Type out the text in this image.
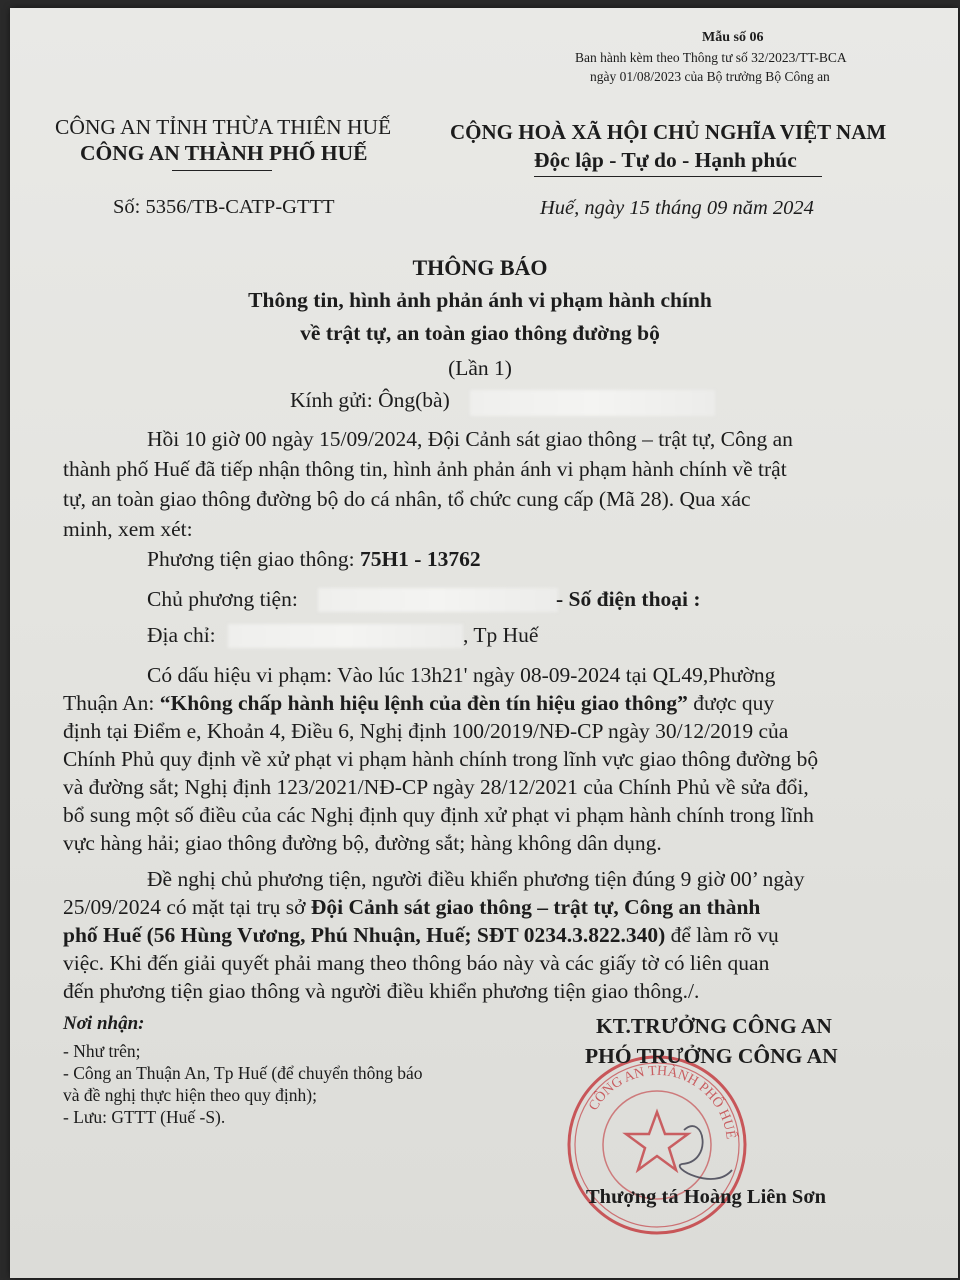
Mẫu số 06
Ban hành kèm theo Thông tư số 32/2023/TT-BCA
ngày 01/08/2023 của Bộ trưởng Bộ Công an
CÔNG AN TỈNH THỪA THIÊN HUẾ
CÔNG AN THÀNH PHỐ HUẾ
Số: 5356/TB-CATP-GTTT
CỘNG HOÀ XÃ HỘI CHỦ NGHĨA VIỆT NAM
Độc lập - Tự do - Hạnh phúc
Huế, ngày 15 tháng 09 năm 2024
THÔNG BÁO
Thông tin, hình ảnh phản ánh vi phạm hành chính
về trật tự, an toàn giao thông đường bộ
(Lần 1)
Kính gửi: Ông(bà)
Hồi 10 giờ 00 ngày 15/09/2024, Đội Cảnh sát giao thông – trật tự, Công an
thành phố Huế đã tiếp nhận thông tin, hình ảnh phản ánh vi phạm hành chính về trật
tự, an toàn giao thông đường bộ do cá nhân, tổ chức cung cấp (Mã 28). Qua xác
minh, xem xét:
Phương tiện giao thông: 75H1 - 13762
Chủ phương tiện:	- Số điện thoại :
Địa chỉ:	, Tp Huế
Có dấu hiệu vi phạm: Vào lúc 13h21' ngày 08-09-2024 tại QL49,Phường
Thuận An: “Không chấp hành hiệu lệnh của đèn tín hiệu giao thông” được quy
định tại Điểm e, Khoản 4, Điều 6, Nghị định 100/2019/NĐ-CP ngày 30/12/2019 của
Chính Phủ quy định về xử phạt vi phạm hành chính trong lĩnh vực giao thông đường bộ
và đường sắt; Nghị định 123/2021/NĐ-CP ngày 28/12/2021 của Chính Phủ về sửa đổi,
bổ sung một số điều của các Nghị định quy định xử phạt vi phạm hành chính trong lĩnh
vực hàng hải; giao thông đường bộ, đường sắt; hàng không dân dụng.
Đề nghị chủ phương tiện, người điều khiển phương tiện đúng 9 giờ 00’ ngày
25/09/2024 có mặt tại trụ sở Đội Cảnh sát giao thông – trật tự, Công an thành
phố Huế (56 Hùng Vương, Phú Nhuận, Huế; SĐT 0234.3.822.340) để làm rõ vụ
việc. Khi đến giải quyết phải mang theo thông báo này và các giấy tờ có liên quan
đến phương tiện giao thông và người điều khiển phương tiện giao thông./.
Nơi nhận:
- Như trên;
- Công an Thuận An, Tp Huế (để chuyển thông báo
và đề nghị thực hiện theo quy định);
- Lưu: GTTT (Huế -S).
CÔNG AN THÀNH PHỐ HUẾ
KT.TRƯỞNG CÔNG AN
PHÓ TRƯỞNG CÔNG AN
Thượng tá Hoàng Liên Sơn
